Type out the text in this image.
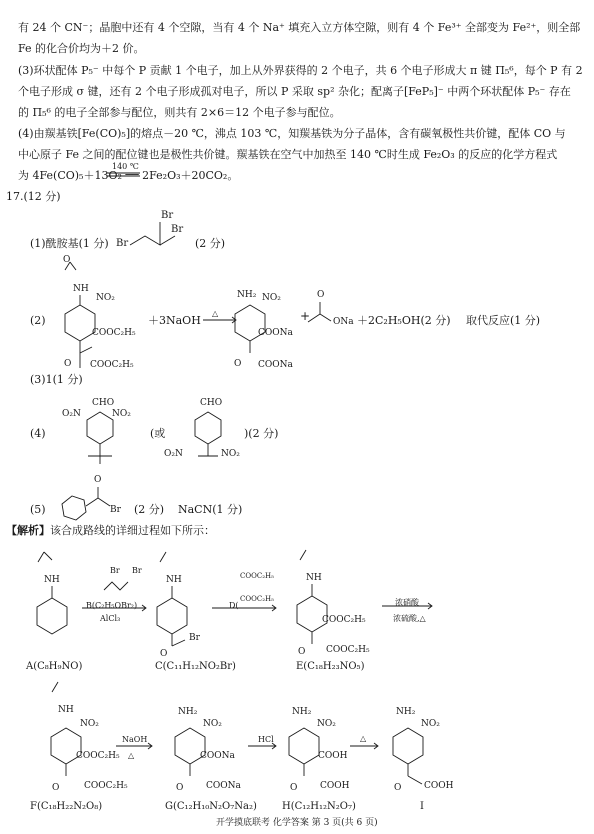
有 24 个 CN⁻；晶胞中还有 4 个空隙，当有 4 个 Na⁺ 填充入立方体空隙，则有 4 个 Fe³⁺ 全部变为 Fe²⁺，则全部
Fe 的化合价均为＋2 价。
(3)环状配体 P₅⁻ 中每个 P 贡献 1 个电子，加上从外界获得的 2 个电子，共 6 个电子形成大 π 键 Π₅⁶，每个 P 有 2
个电子形成 σ 键，还有 2 个电子形成孤对电子，所以 P 采取 sp² 杂化；配离子[FeP₅]⁻ 中两个环状配体 P₅⁻ 存在
的 Π₅⁶ 的电子全部参与配位，则共有 2×6＝12 个电子参与配位。
(4)由羰基铁[Fe(CO)₅]的熔点－20 ℃，沸点 103 ℃，知羰基铁为分子晶体，含有碳氧极性共价键，配体 CO 与
中心原子 Fe 之间的配位键也是极性共价键。羰基铁在空气中加热至 140 ℃时生成 Fe₂O₃ 的反应的化学方程式
为 4Fe(CO)₅＋13O₂ ══ 2Fe₂O₃＋20CO₂。
140 ℃
17.(12 分)
(1)酰胺基(1 分)	(2 分)
(2)	＋3NaOH	＋2C₂H₅OH(2 分) 取代反应(1 分)
(3)1(1 分)
(4)	(或	)(2 分)
(5)	(2 分) NaCN(1 分)
【解析】该合成路线的详细过程如下所示：
B(C₂H₅OBr₂)
AlCl₃
D(	浓硝酸
浓硫酸,△
A(C₈H₉NO)	C(C₁₁H₁₂NO₂Br)	E(C₁₈H₂₃NO₅)
F(C₁₈H₂₂N₂O₈)	G(C₁₂H₁₀N₂O₇Na₂)	H(C₁₂H₁₂N₂O₇)	I
NaOH	HCl
开学摸底联考 化学答案 第 3 页(共 6 页)
Br
Br
Br
O
NH
NO₂
COOC₂H₅
O COOC₂H₅
△
NH₂ NO₂
COONa
O COONa
+
O
ONa
CHO
O₂N	NO₂
CHO
O₂N	NO₂
O
Br
NH
Br Br
NH
O
Br
COOC₂H₅
COOC₂H₅
NH
COOC₂H₅
O COOC₂H₅
NH
NO₂
COOC₂H₅
O	COOC₂H₅
△
NH₂
NO₂
COONa
O	COONa
NH₂
NO₂
COOH
O	COOH
△
NH₂
NO₂
O	COOH
